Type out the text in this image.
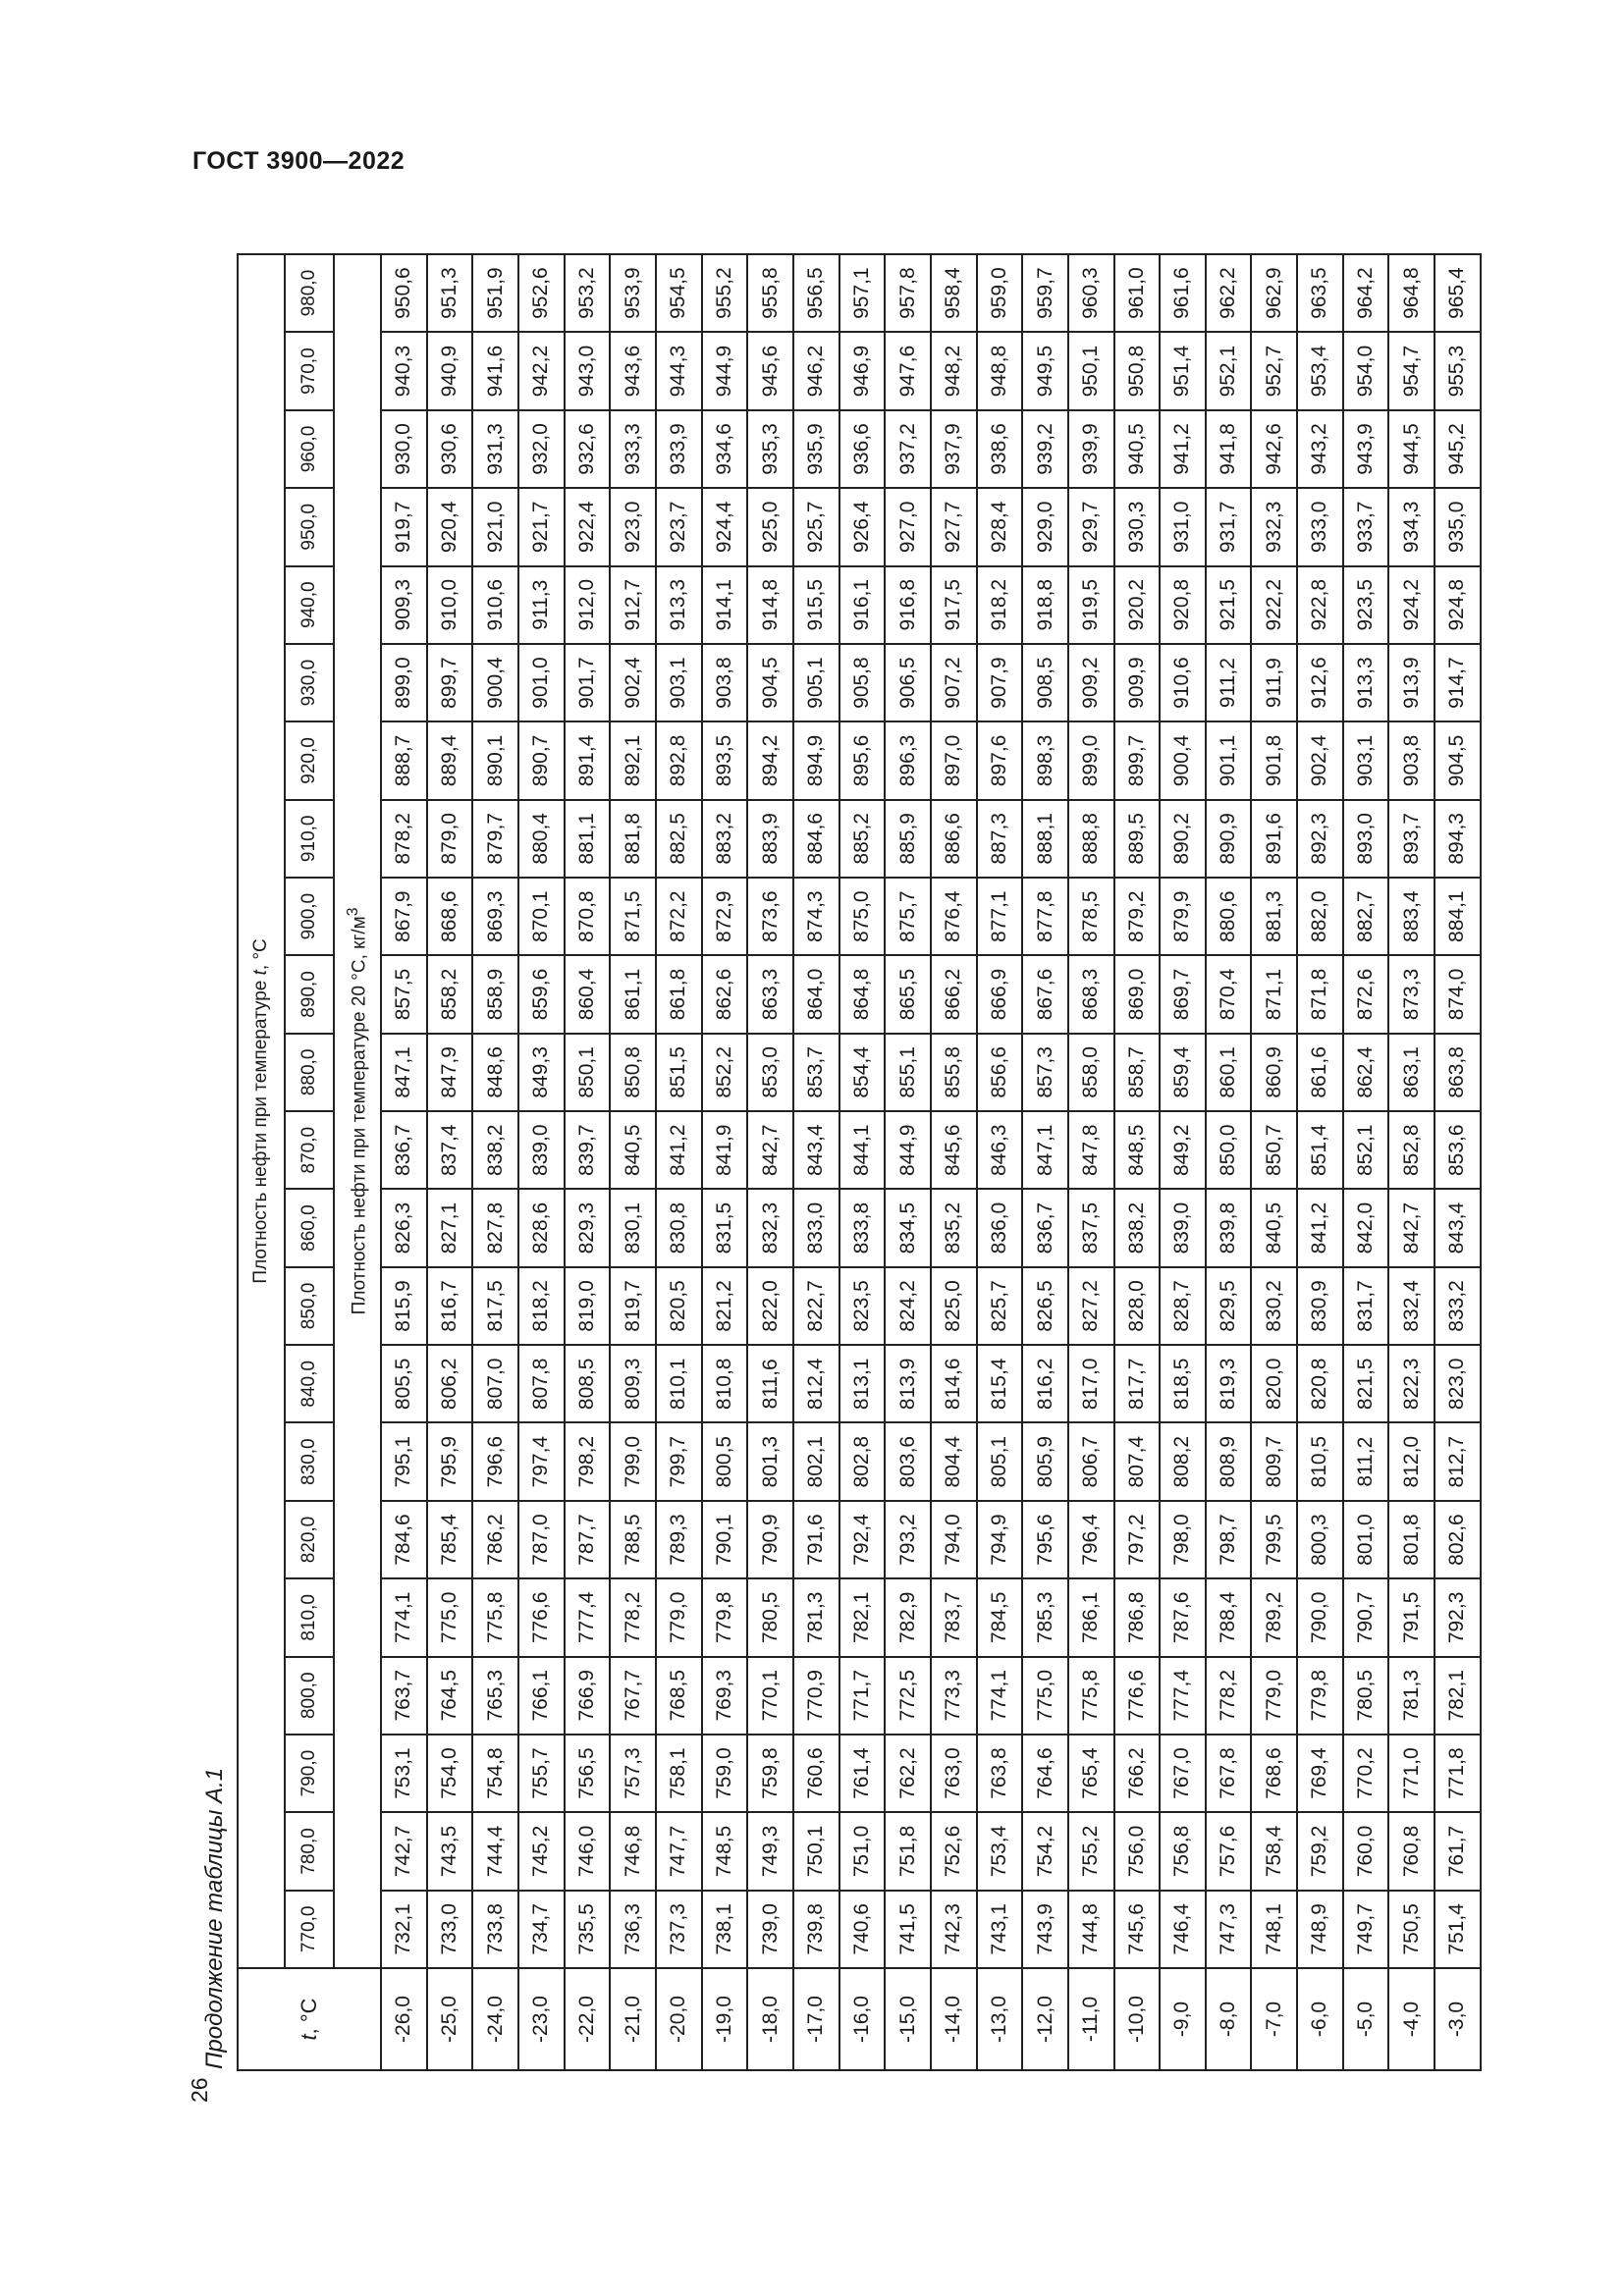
ГОСТ 3900—2022
26
Продолжение таблицы А.1	t, °C	Плотность нефти при температуре t, °C																					
	770,0	780,0	790,0	800,0	810,0	820,0	830,0	840,0	850,0	860,0	870,0	880,0	890,0	900,0	910,0	920,0	930,0	940,0	950,0	960,0	970,0	980,0
	Плотность нефти при температуре 20 °С, $кг/м^3$
-26,0	732,1	742,7	753,1	763,7	774,1	784,6	795,1	805,5	815,9	826,3	836,7	847,1	857,5	867,9	878,2	888,7	899,0	909,3	919,7	930,0	940,3	950,6
-25,0	733,0	743,5	754,0	764,5	775,0	785,4	795,9	806,2	816,7	827,1	837,4	847,9	858,2	868,6	879,0	889,4	899,7	910,0	920,4	930,6	940,9	951,3
-24,0	733,8	744,4	754,8	765,3	775,8	786,2	796,6	807,0	817,5	827,8	838,2	848,6	858,9	869,3	879,7	890,1	900,4	910,6	921,0	931,3	941,6	951,9
-23,0	734,7	745,2	755,7	766,1	776,6	787,0	797,4	807,8	818,2	828,6	839,0	849,3	859,6	870,1	880,4	890,7	901,0	911,3	921,7	932,0	942,2	952,6
-22,0	735,5	746,0	756,5	766,9	777,4	787,7	798,2	808,5	819,0	829,3	839,7	850,1	860,4	870,8	881,1	891,4	901,7	912,0	922,4	932,6	943,0	953,2
-21,0	736,3	746,8	757,3	767,7	778,2	788,5	799,0	809,3	819,7	830,1	840,5	850,8	861,1	871,5	881,8	892,1	902,4	912,7	923,0	933,3	943,6	953,9
-20,0	737,3	747,7	758,1	768,5	779,0	789,3	799,7	810,1	820,5	830,8	841,2	851,5	861,8	872,2	882,5	892,8	903,1	913,3	923,7	933,9	944,3	954,5
-19,0	738,1	748,5	759,0	769,3	779,8	790,1	800,5	810,8	821,2	831,5	841,9	852,2	862,6	872,9	883,2	893,5	903,8	914,1	924,4	934,6	944,9	955,2
-18,0	739,0	749,3	759,8	770,1	780,5	790,9	801,3	811,6	822,0	832,3	842,7	853,0	863,3	873,6	883,9	894,2	904,5	914,8	925,0	935,3	945,6	955,8
-17,0	739,8	750,1	760,6	770,9	781,3	791,6	802,1	812,4	822,7	833,0	843,4	853,7	864,0	874,3	884,6	894,9	905,1	915,5	925,7	935,9	946,2	956,5
-16,0	740,6	751,0	761,4	771,7	782,1	792,4	802,8	813,1	823,5	833,8	844,1	854,4	864,8	875,0	885,2	895,6	905,8	916,1	926,4	936,6	946,9	957,1
-15,0	741,5	751,8	762,2	772,5	782,9	793,2	803,6	813,9	824,2	834,5	844,9	855,1	865,5	875,7	885,9	896,3	906,5	916,8	927,0	937,2	947,6	957,8
-14,0	742,3	752,6	763,0	773,3	783,7	794,0	804,4	814,6	825,0	835,2	845,6	855,8	866,2	876,4	886,6	897,0	907,2	917,5	927,7	937,9	948,2	958,4
-13,0	743,1	753,4	763,8	774,1	784,5	794,9	805,1	815,4	825,7	836,0	846,3	856,6	866,9	877,1	887,3	897,6	907,9	918,2	928,4	938,6	948,8	959,0
-12,0	743,9	754,2	764,6	775,0	785,3	795,6	805,9	816,2	826,5	836,7	847,1	857,3	867,6	877,8	888,1	898,3	908,5	918,8	929,0	939,2	949,5	959,7
-11,0	744,8	755,2	765,4	775,8	786,1	796,4	806,7	817,0	827,2	837,5	847,8	858,0	868,3	878,5	888,8	899,0	909,2	919,5	929,7	939,9	950,1	960,3
-10,0	745,6	756,0	766,2	776,6	786,8	797,2	807,4	817,7	828,0	838,2	848,5	858,7	869,0	879,2	889,5	899,7	909,9	920,2	930,3	940,5	950,8	961,0
-9,0	746,4	756,8	767,0	777,4	787,6	798,0	808,2	818,5	828,7	839,0	849,2	859,4	869,7	879,9	890,2	900,4	910,6	920,8	931,0	941,2	951,4	961,6
-8,0	747,3	757,6	767,8	778,2	788,4	798,7	808,9	819,3	829,5	839,8	850,0	860,1	870,4	880,6	890,9	901,1	911,2	921,5	931,7	941,8	952,1	962,2
-7,0	748,1	758,4	768,6	779,0	789,2	799,5	809,7	820,0	830,2	840,5	850,7	860,9	871,1	881,3	891,6	901,8	911,9	922,2	932,3	942,6	952,7	962,9
-6,0	748,9	759,2	769,4	779,8	790,0	800,3	810,5	820,8	830,9	841,2	851,4	861,6	871,8	882,0	892,3	902,4	912,6	922,8	933,0	943,2	953,4	963,5
-5,0	749,7	760,0	770,2	780,5	790,7	801,0	811,2	821,5	831,7	842,0	852,1	862,4	872,6	882,7	893,0	903,1	913,3	923,5	933,7	943,9	954,0	964,2
-4,0	750,5	760,8	771,0	781,3	791,5	801,8	812,0	822,3	832,4	842,7	852,8	863,1	873,3	883,4	893,7	903,8	913,9	924,2	934,3	944,5	954,7	964,8
-3,0	751,4	761,7	771,8	782,1	792,3	802,6	812,7	823,0	833,2	843,4	853,6	863,8	874,0	884,1	894,3	904,5	914,7	924,8	935,0	945,2	955,3	965,4
